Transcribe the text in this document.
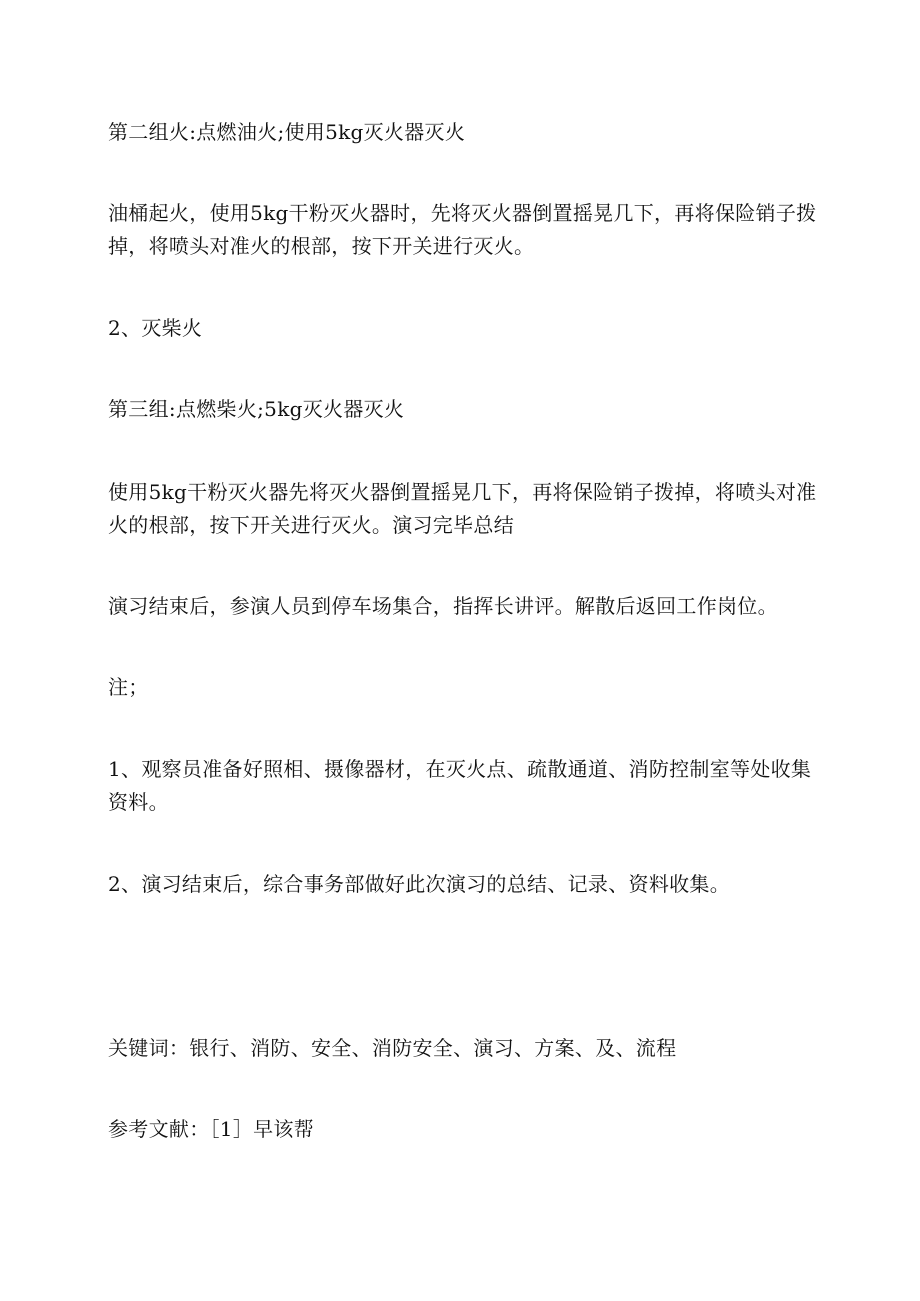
第二组火:点燃油火;使用5kg灭火器灭火

油桶起火，使用5kg干粉灭火器时，先将灭火器倒置摇晃几下，再将保险销子拨掉，将喷头对准火的根部，按下开关进行灭火。

2、灭柴火

第三组:点燃柴火;5kg灭火器灭火

使用5kg干粉灭火器先将灭火器倒置摇晃几下，再将保险销子拨掉，将喷头对准火的根部，按下开关进行灭火。演习完毕总结

演习结束后，参演人员到停车场集合，指挥长讲评。解散后返回工作岗位。

注；

1、观察员准备好照相、摄像器材，在灭火点、疏散通道、消防控制室等处收集资料。

2、演习结束后，综合事务部做好此次演习的总结、记录、资料收集。

关键词：银行、消防、安全、消防安全、演习、方案、及、流程

参考文献：［1］早该帮
